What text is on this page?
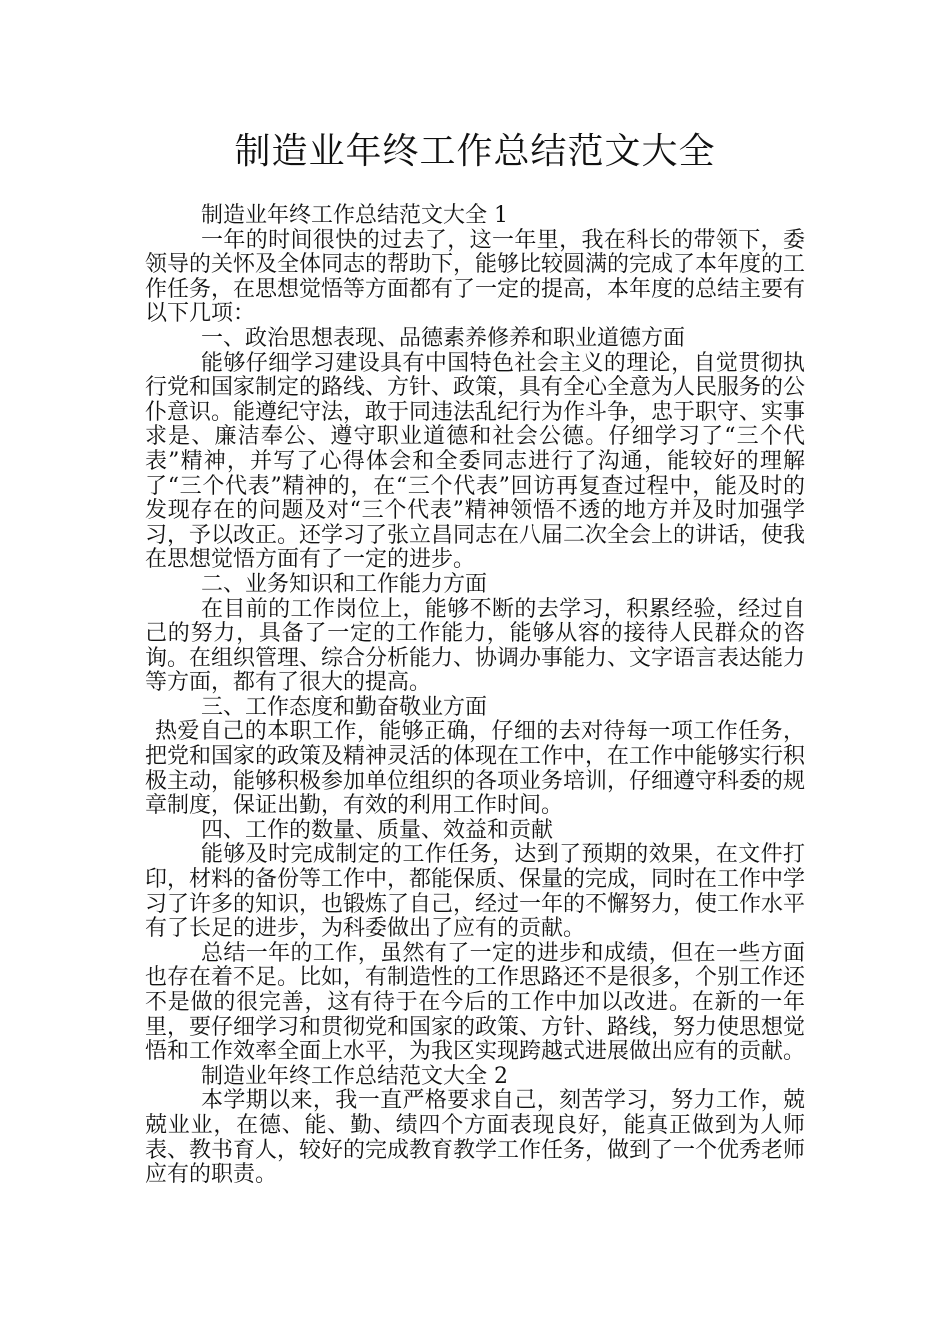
制造业年终工作总结范文大全

制造业年终工作总结范文大全 1

一年的时间很快的过去了，这一年里，我在科长的带领下，委领导的关怀及全体同志的帮助下，能够比较圆满的完成了本年度的工作任务，在思想觉悟等方面都有了一定的提高，本年度的总结主要有以下几项：

一、政治思想表现、品德素养修养和职业道德方面

能够仔细学习建设具有中国特色社会主义的理论，自觉贯彻执行党和国家制定的路线、方针、政策，具有全心全意为人民服务的公仆意识。能遵纪守法，敢于同违法乱纪行为作斗争，忠于职守、实事求是、廉洁奉公、遵守职业道德和社会公德。仔细学习了“三个代表”精神，并写了心得体会和全委同志进行了沟通，能较好的理解了“三个代表”精神的，在“三个代表”回访再复查过程中，能及时的发现存在的问题及对“三个代表”精神领悟不透的地方并及时加强学习，予以改正。还学习了张立昌同志在八届二次全会上的讲话，使我在思想觉悟方面有了一定的进步。

二、业务知识和工作能力方面

在目前的工作岗位上，能够不断的去学习，积累经验，经过自己的努力，具备了一定的工作能力，能够从容的接待人民群众的咨询。在组织管理、综合分析能力、协调办事能力、文字语言表达能力等方面，都有了很大的提高。

三、工作态度和勤奋敬业方面

热爱自己的本职工作，能够正确，仔细的去对待每一项工作任务，把党和国家的政策及精神灵活的体现在工作中，在工作中能够实行积极主动，能够积极参加单位组织的各项业务培训，仔细遵守科委的规章制度，保证出勤，有效的利用工作时间。

四、工作的数量、质量、效益和贡献

能够及时完成制定的工作任务，达到了预期的效果，在文件打印，材料的备份等工作中，都能保质、保量的完成，同时在工作中学习了许多的知识，也锻炼了自己，经过一年的不懈努力，使工作水平有了长足的进步，为科委做出了应有的贡献。

总结一年的工作，虽然有了一定的进步和成绩，但在一些方面也存在着不足。比如，有制造性的工作思路还不是很多，个别工作还不是做的很完善，这有待于在今后的工作中加以改进。在新的一年里，要仔细学习和贯彻党和国家的政策、方针、路线，努力使思想觉悟和工作效率全面上水平，为我区实现跨越式进展做出应有的贡献。

制造业年终工作总结范文大全 2

本学期以来，我一直严格要求自己，刻苦学习，努力工作，兢兢业业，在德、能、勤、绩四个方面表现良好，能真正做到为人师表、教书育人，较好的完成教育教学工作任务，做到了一个优秀老师应有的职责。
